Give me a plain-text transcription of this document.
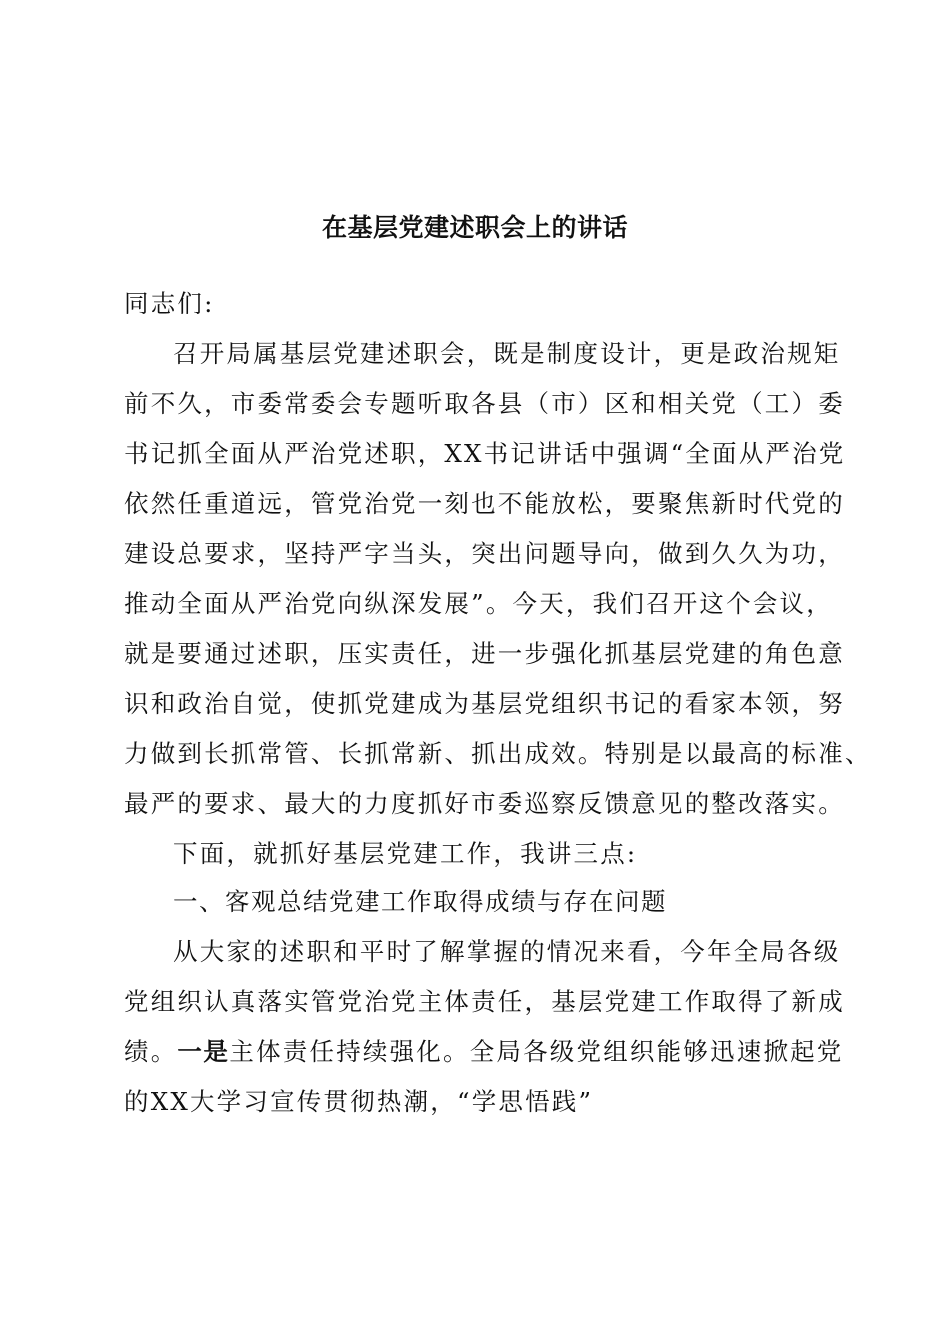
在基层党建述职会上的讲话
同志们:
召开局属基层党建述职会，既是制度设计，更是政治规矩
前不久，市委常委会专题听取各县（市）区和相关党（工）委
书记抓全面从严治党述职，XX书记讲话中强调“全面从严治党
依然任重道远，管党治党一刻也不能放松，要聚焦新时代党的
建设总要求，坚持严字当头，突出问题导向，做到久久为功，
推动全面从严治党向纵深发展”。今天，我们召开这个会议，
就是要通过述职，压实责任，进一步强化抓基层党建的角色意
识和政治自觉，使抓党建成为基层党组织书记的看家本领，努
力做到长抓常管、长抓常新、抓出成效。特别是以最高的标准、
最严的要求、最大的力度抓好市委巡察反馈意见的整改落实。
下面，就抓好基层党建工作，我讲三点:
一、客观总结党建工作取得成绩与存在问题
从大家的述职和平时了解掌握的情况来看，今年全局各级
党组织认真落实管党治党主体责任，基层党建工作取得了新成
绩。一是主体责任持续强化。全局各级党组织能够迅速掀起党
的XX大学习宣传贯彻热潮，“学思悟践”
